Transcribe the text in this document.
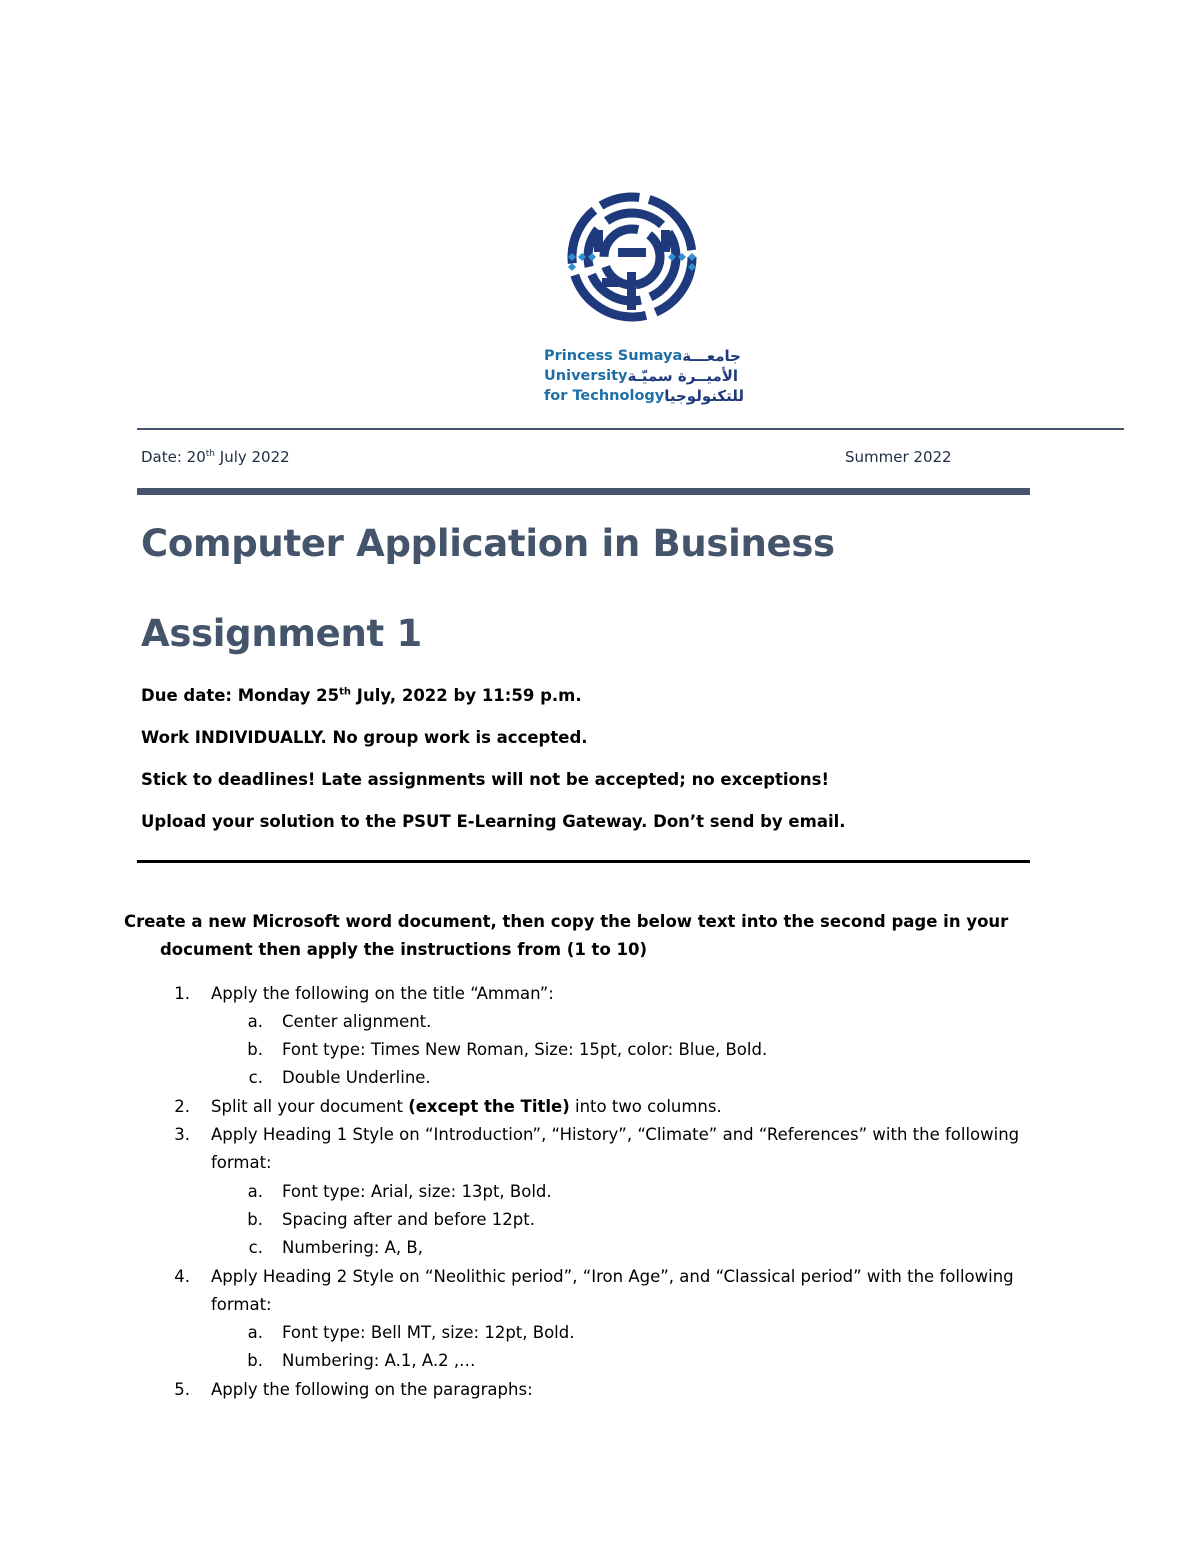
Princess Sumaya جامعـــة
University الأميــرة سميّـة
for Technology للتكنولوجيا
Date: 20th July 2022	Summer 2022
Computer Application in Business
Assignment 1
Due date: Monday 25th July, 2022 by 11:59 p.m.
Work INDIVIDUALLY. No group work is accepted.
Stick to deadlines! Late assignments will not be accepted; no exceptions!
Upload your solution to the PSUT E-Learning Gateway. Don’t send by email.
Create a new Microsoft word document, then copy the below text into the second page in your
document then apply the instructions from (1 to 10)
1. Apply the following on the title “Amman”:
a. Center alignment.
b. Font type: Times New Roman, Size: 15pt, color: Blue, Bold.
c. Double Underline.
2. Split all your document (except the Title) into two columns.
3. Apply Heading 1 Style on “Introduction”, “History”, “Climate” and “References” with the following
format:
a. Font type: Arial, size: 13pt, Bold.
b. Spacing after and before 12pt.
c. Numbering: A, B,
4. Apply Heading 2 Style on “Neolithic period”, “Iron Age”, and “Classical period” with the following
format:
a. Font type: Bell MT, size: 12pt, Bold.
b. Numbering: A.1, A.2 ,…
5. Apply the following on the paragraphs:
